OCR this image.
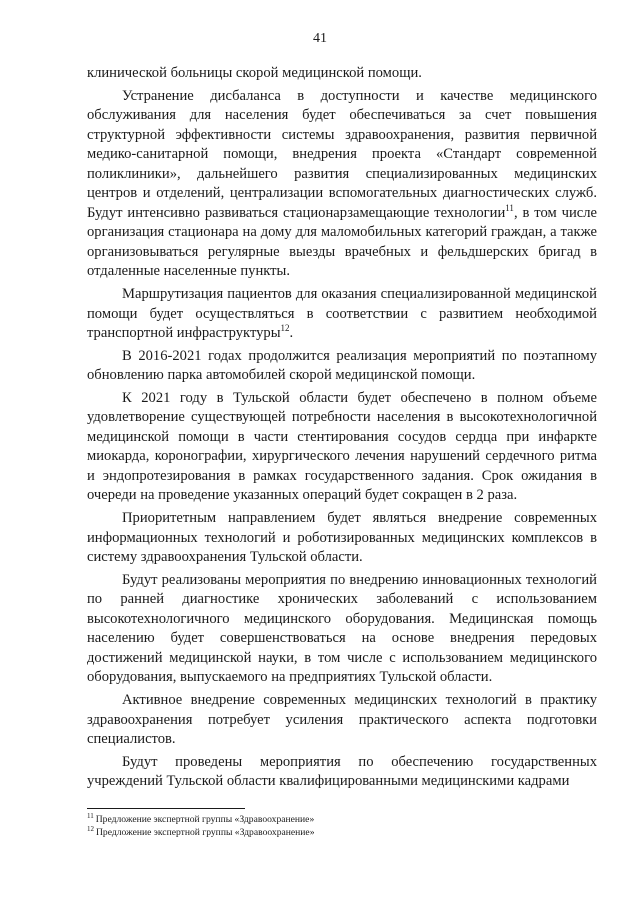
41

клинической больницы скорой медицинской помощи.

Устранение дисбаланса в доступности и качестве медицинского обслуживания для населения будет обеспечиваться за счет повышения структурной эффективности системы здравоохранения, развития первичной медико-санитарной помощи, внедрения проекта «Стандарт современной поликлиники», дальнейшего развития специализированных медицинских центров и отделений, централизации вспомогательных диагностических служб. Будут интенсивно развиваться стационарзамещающие технологии$^{11}$, в том числе организация стационара на дому для маломобильных категорий граждан, а также организовываться регулярные выезды врачебных и фельдшерских бригад в отдаленные населенные пункты.

Маршрутизация пациентов для оказания специализированной медицинской помощи будет осуществляться в соответствии с развитием необходимой транспортной инфраструктуры$^{12}$.

В 2016-2021 годах продолжится реализация мероприятий по поэтапному обновлению парка автомобилей скорой медицинской помощи.

К 2021 году в Тульской области будет обеспечено в полном объеме удовлетворение существующей потребности населения в высокотехнологичной медицинской помощи в части стентирования сосудов сердца при инфаркте миокарда, коронографии, хирургического лечения нарушений сердечного ритма и эндопротезирования в рамках государственного задания. Срок ожидания в очереди на проведение указанных операций будет сокращен в 2 раза.

Приоритетным направлением будет являться внедрение современных информационных технологий и роботизированных медицинских комплексов в систему здравоохранения Тульской области.

Будут реализованы мероприятия по внедрению инновационных технологий по ранней диагностике хронических заболеваний с использованием высокотехнологичного медицинского оборудования. Медицинская помощь населению будет совершенствоваться на основе внедрения передовых достижений медицинской науки, в том числе с использованием медицинского оборудования, выпускаемого на предприятиях Тульской области.

Активное внедрение современных медицинских технологий в практику здравоохранения потребует усиления практического аспекта подготовки специалистов.

Будут проведены мероприятия по обеспечению государственных учреждений Тульской области квалифицированными медицинскими кадрами

$^{11}$ Предложение экспертной группы «Здравоохранение»

$^{12}$ Предложение экспертной группы «Здравоохранение»
